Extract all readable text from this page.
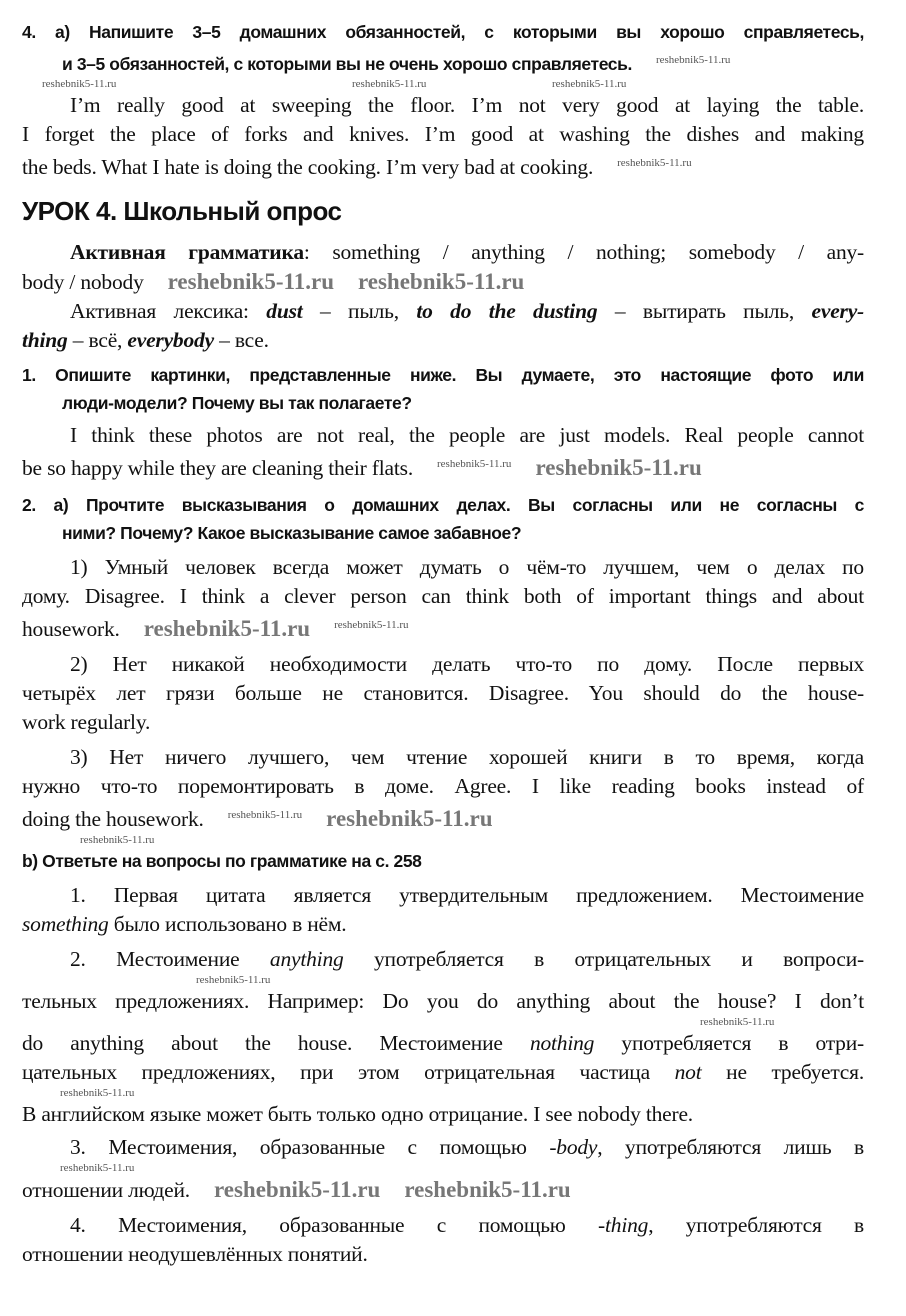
4. а) Напишите 3–5 домашних обязанностей, с которыми вы хорошо справляетесь,
и 3–5 обязанностей, с которыми вы не очень хорошо справляетесь. $^{reshebnik5-11.ru}$
reshebnik5-11.ru	reshebnik5-11.ru	reshebnik5-11.ru
I’m really good at sweeping the floor. I’m not very good at laying the table.
I forget the place of forks and knives. I’m good at washing the dishes and making
the beds. What I hate is doing the cooking. I’m very bad at cooking. $^{reshebnik5-11.ru}$
УРОК 4. Школьный опрос
Активная грамматика: something / anything / nothing; somebody / any-
body / nobody reshebnik5-11.ru reshebnik5-11.ru
Активная лексика: dust – пыль, to do the dusting – вытирать пыль, every-
thing – всё, everybody – все.
1. Опишите картинки, представленные ниже. Вы думаете, это настоящие фото или
люди-модели? Почему вы так полагаете?
I think these photos are not real, the people are just models. Real people cannot
be so happy while they are cleaning their flats. $^{reshebnik5-11.ru}$ reshebnik5-11.ru
2. а) Прочтите высказывания о домашних делах. Вы согласны или не согласны с
ними? Почему? Какое высказывание самое забавное?
1) Умный человек всегда может думать о чём-то лучшем, чем о делах по
дому. Disagree. I think a clever person can think both of important things and about
housework. reshebnik5-11.ru $^{reshebnik5-11.ru}$
2) Нет никакой необходимости делать что-то по дому. После первых
четырёх лет грязи больше не становится. Disagree. You should do the house-
work regularly.
3) Нет ничего лучшего, чем чтение хорошей книги в то время, когда
нужно что-то поремонтировать в доме. Agree. I like reading books instead of
doing the housework. $^{reshebnik5-11.ru}$ reshebnik5-11.ru
reshebnik5-11.ru
b) Ответьте на вопросы по грамматике на с. 258
1. Первая цитата является утвердительным предложением. Местоимение
something было использовано в нём.
2. Местоимение anything употребляется в отрицательных и вопроси-
reshebnik5-11.ru
тельных предложениях. Например: Do you do anything about the house? I don’t
reshebnik5-11.ru
do anything about the house. Местоимение nothing употребляется в отри-
цательных предложениях, при этом отрицательная частица not не требуется.
reshebnik5-11.ru
В английском языке может быть только одно отрицание. I see nobody there.
3. Местоимения, образованные с помощью -body, употребляются лишь в
reshebnik5-11.ru
отношении людей. reshebnik5-11.ru reshebnik5-11.ru
4. Местоимения, образованные с помощью -thing, употребляются в
отношении неодушевлённых понятий.
